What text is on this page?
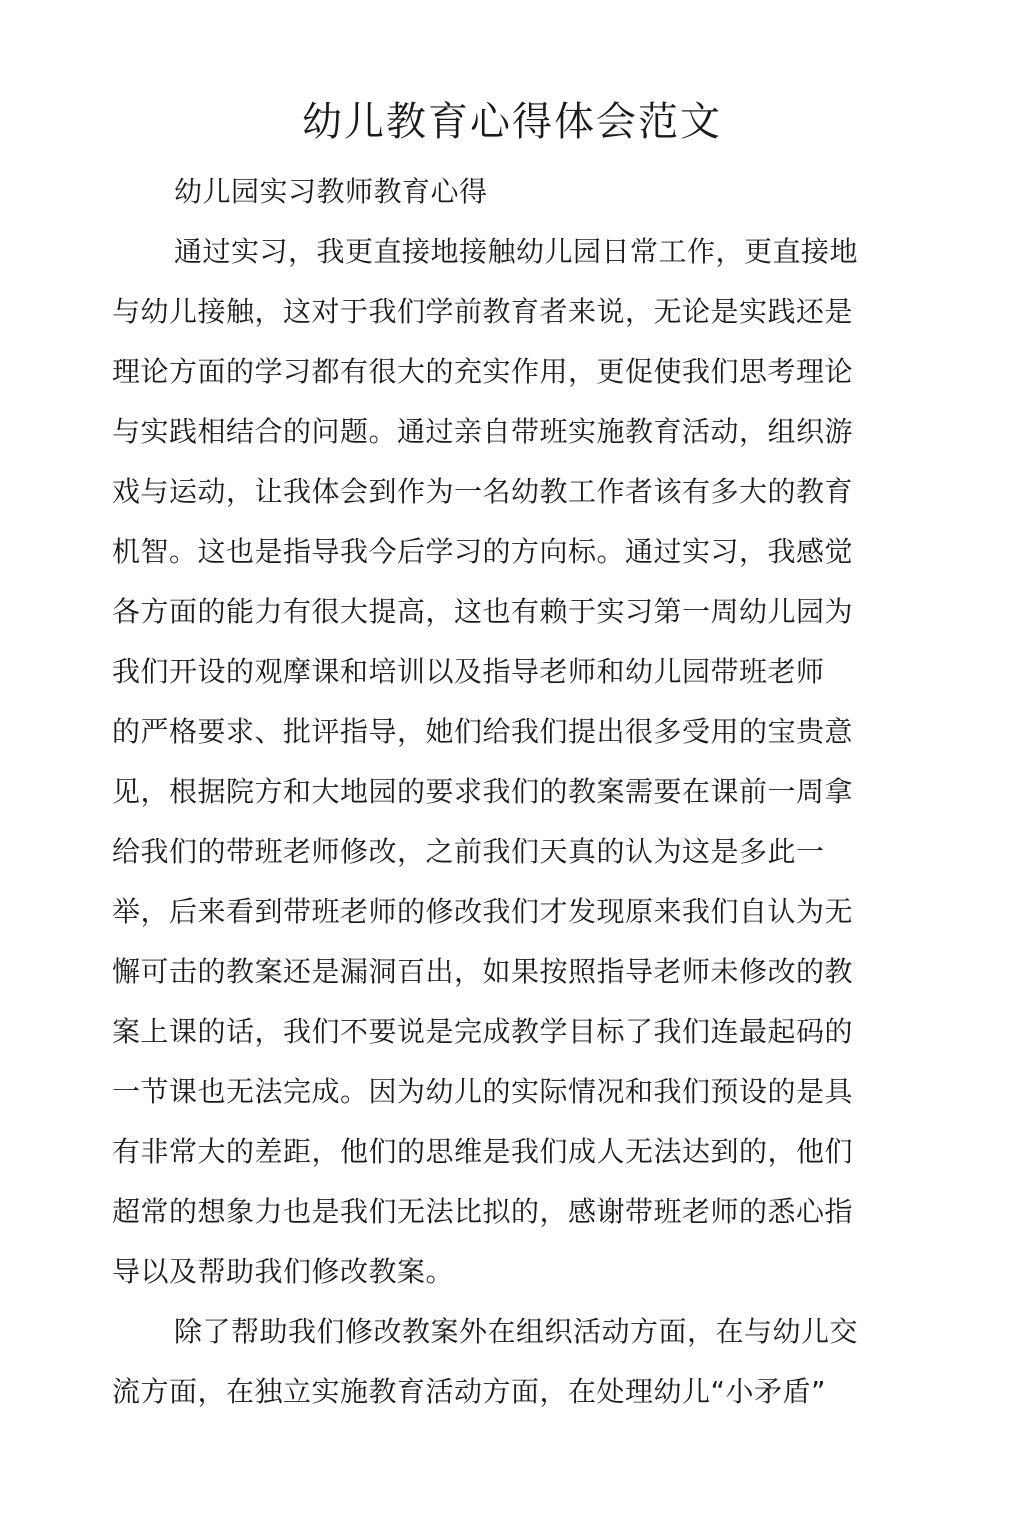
幼儿教育心得体会范文
幼儿园实习教师教育心得
通过实习，我更直接地接触幼儿园日常工作，更直接地
与幼儿接触，这对于我们学前教育者来说，无论是实践还是
理论方面的学习都有很大的充实作用，更促使我们思考理论
与实践相结合的问题。通过亲自带班实施教育活动，组织游
戏与运动，让我体会到作为一名幼教工作者该有多大的教育
机智。这也是指导我今后学习的方向标。通过实习，我感觉
各方面的能力有很大提高，这也有赖于实习第一周幼儿园为
我们开设的观摩课和培训以及指导老师和幼儿园带班老师
的严格要求、批评指导，她们给我们提出很多受用的宝贵意
见，根据院方和大地园的要求我们的教案需要在课前一周拿
给我们的带班老师修改，之前我们天真的认为这是多此一
举，后来看到带班老师的修改我们才发现原来我们自认为无
懈可击的教案还是漏洞百出，如果按照指导老师未修改的教
案上课的话，我们不要说是完成教学目标了我们连最起码的
一节课也无法完成。因为幼儿的实际情况和我们预设的是具
有非常大的差距，他们的思维是我们成人无法达到的，他们
超常的想象力也是我们无法比拟的，感谢带班老师的悉心指
导以及帮助我们修改教案。
除了帮助我们修改教案外在组织活动方面，在与幼儿交
流方面，在独立实施教育活动方面，在处理幼儿“小矛盾”
